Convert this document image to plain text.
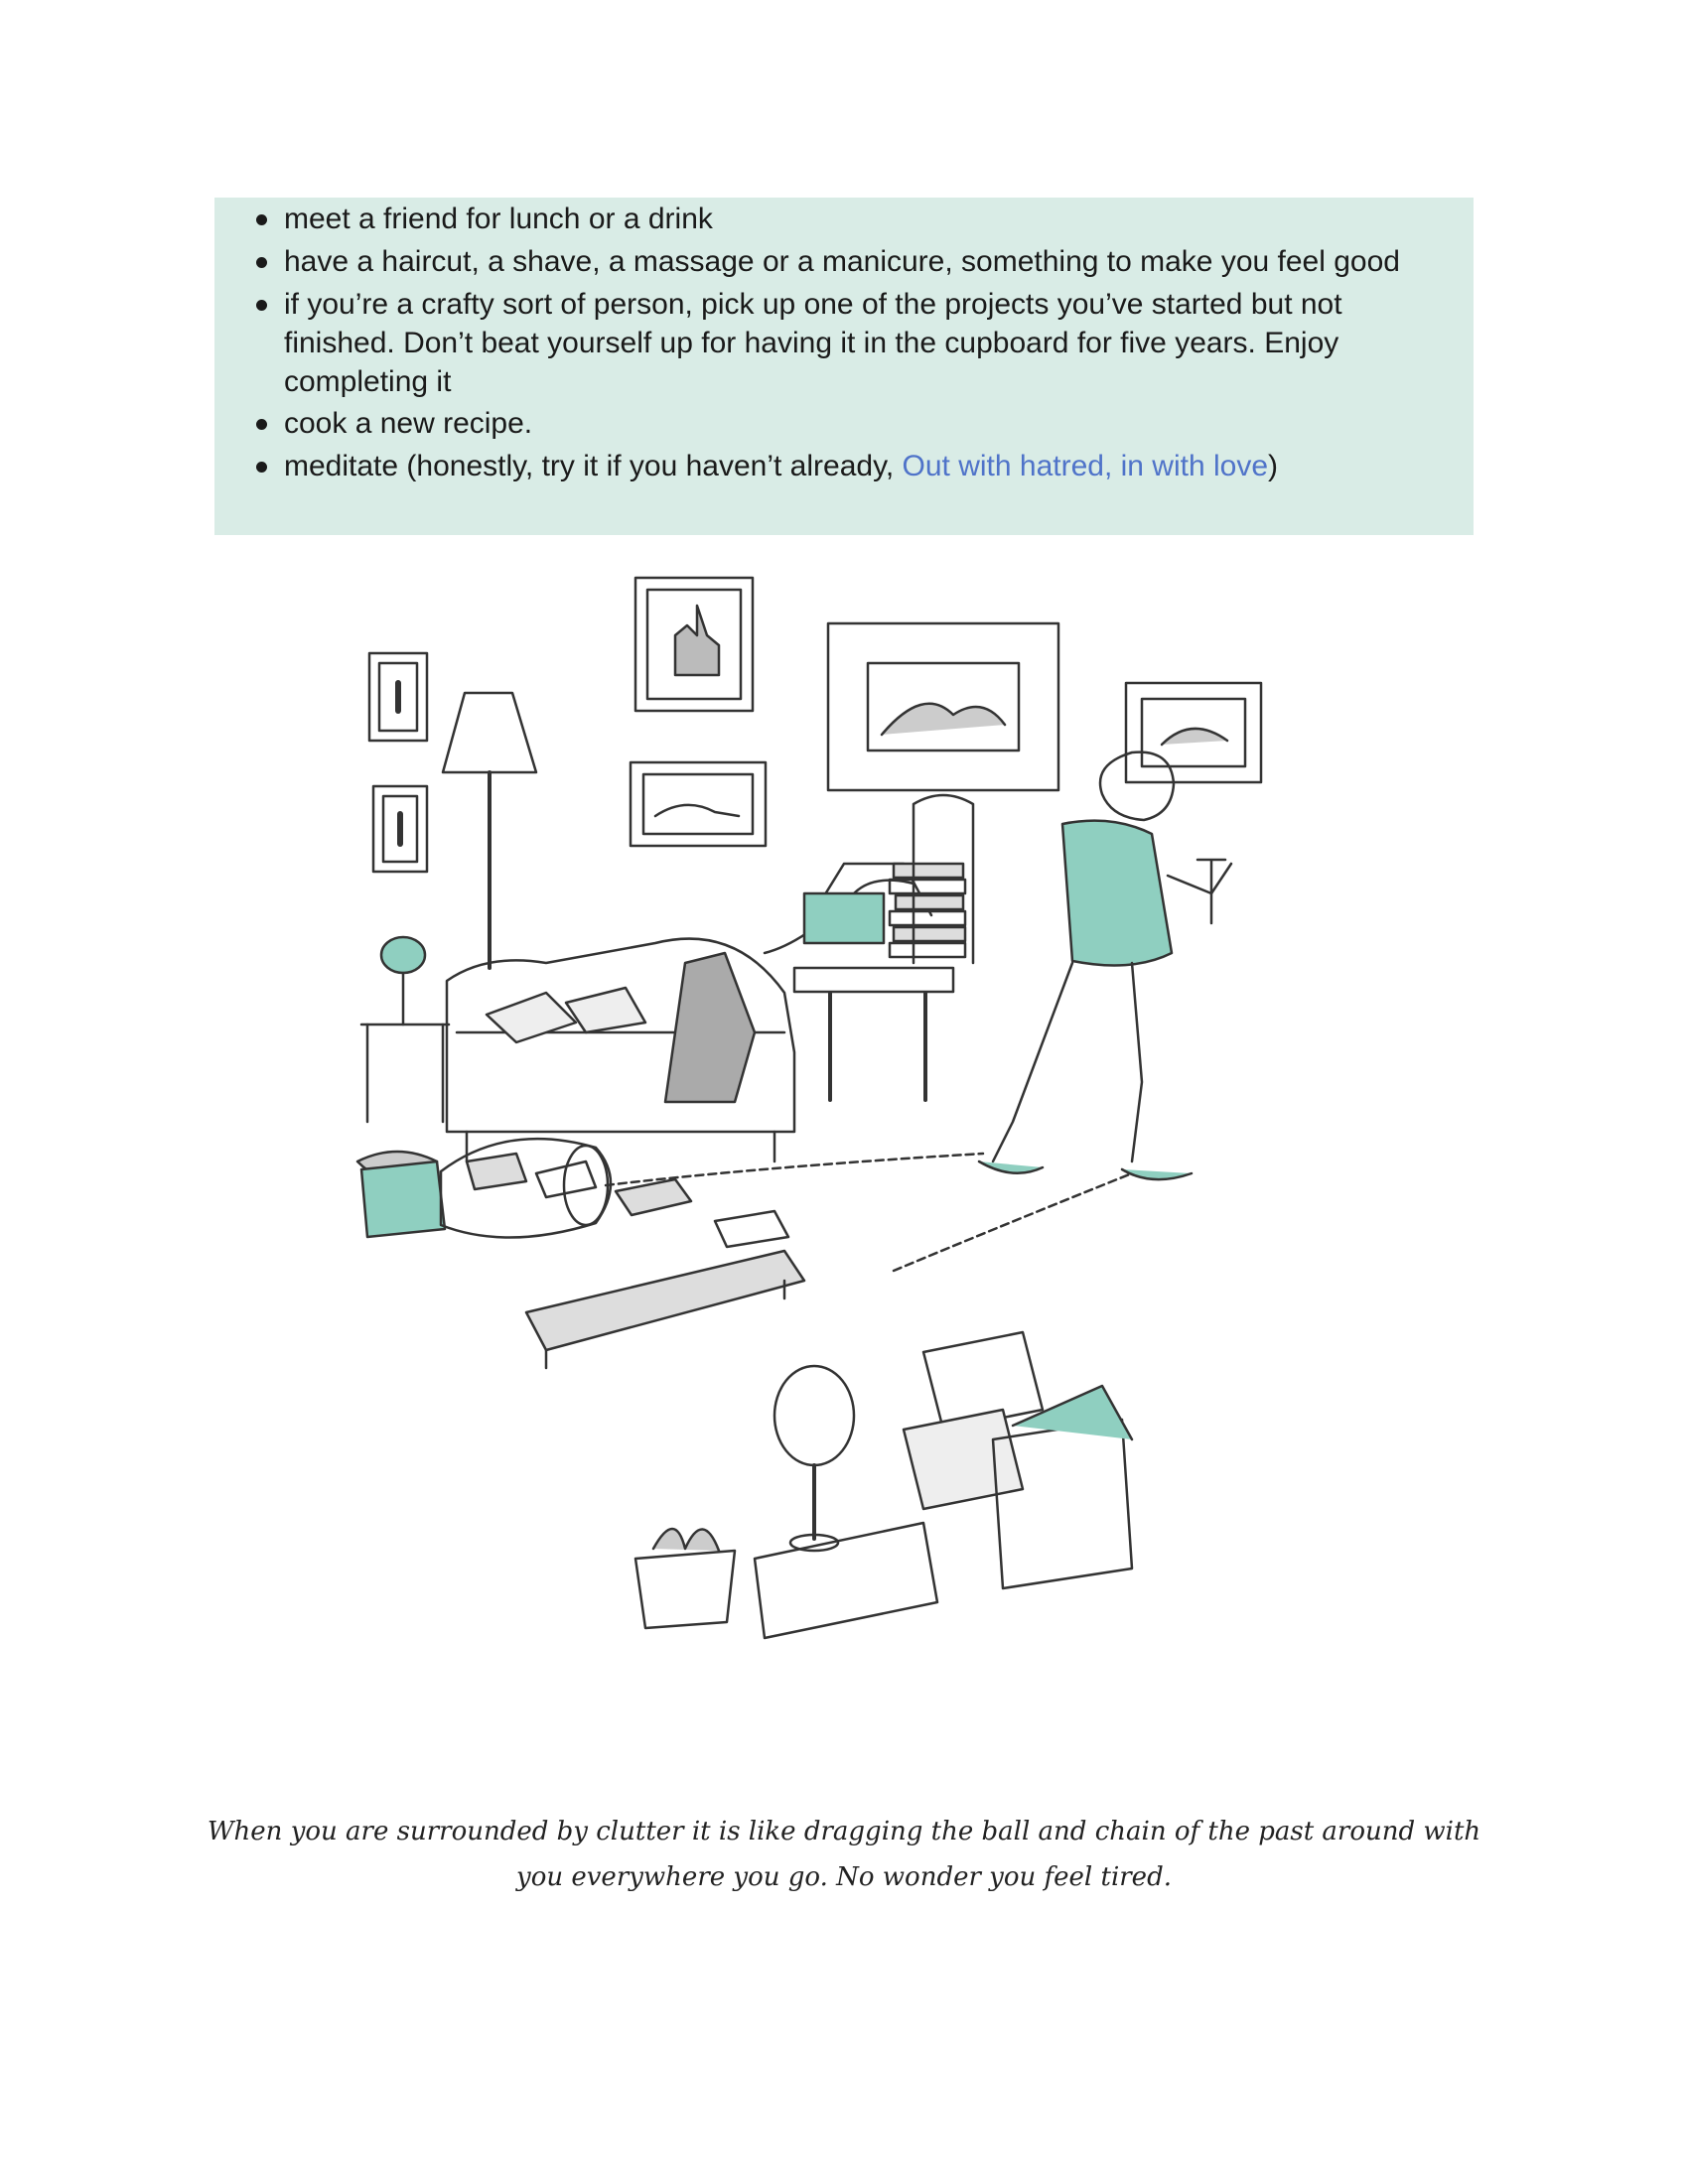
meet a friend for lunch or a drink
have a haircut, a shave, a massage or a manicure, something to make you feel good
if you’re a crafty sort of person, pick up one of the projects you’ve started but not finished. Don’t beat yourself up for having it in the cupboard for five years. Enjoy completing it
cook a new recipe.
meditate (honestly, try it if you haven’t already, Out with hatred, in with love)
When you are surrounded by clutter it is like dragging the ball and chain of the past around with you everywhere you go. No wonder you feel tired.
